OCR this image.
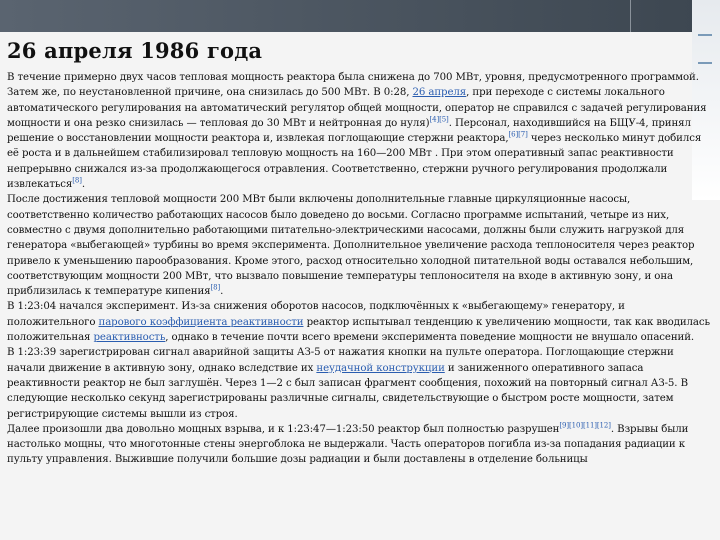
26 апреля 1986 года

В течение примерно двух часов тепловая мощность реактора была снижена до 700 МВт, уровня, предусмотренного программой. Затем же, по неустановленной причине, она снизилась до 500 МВт. В 0:28, 26 апреля, при переходе с системы локального автоматического регулирования на автоматический регулятор общей мощности, оператор не справился с задачей регулирования мощности и она резко снизилась — тепловая до 30 МВт и нейтронная до нуля)[4][5]. Персонал, находившийся на БЩУ-4, принял решение о восстановлении мощности реактора и, извлекая поглощающие стержни реактора,[6][7] через несколько минут добился её роста и в дальнейшем стабилизировал тепловую мощность на 160—200 МВт . При этом оперативный запас реактивности непрерывно снижался из-за продолжающегося отравления. Соответственно, стержни ручного регулирования продолжали извлекаться[8].

После достижения тепловой мощности 200 МВт были включены дополнительные главные циркуляционные насосы, соответственно количество работающих насосов было доведено до восьми. Согласно программе испытаний, четыре из них, совместно с двумя дополнительно работающими питательно-электрическими насосами, должны были служить нагрузкой для генератора «выбегающей» турбины во время эксперимента. Дополнительное увеличение расхода теплоносителя через реактор привело к уменьшению парообразования. Кроме этого, расход относительно холодной питательной воды оставался небольшим, соответствующим мощности 200 МВт, что вызвало повышение температуры теплоносителя на входе в активную зону, и она приблизилась к температуре кипения[8].

В 1:23:04 начался эксперимент. Из-за снижения оборотов насосов, подключённых к «выбегающему» генератору, и положительного парового коэффициента реактивности реактор испытывал тенденцию к увеличению мощности, так как вводилась положительная реактивность, однако в течение почти всего времени эксперимента поведение мощности не внушало опасений.

В 1:23:39 зарегистрирован сигнал аварийной защиты АЗ-5 от нажатия кнопки на пульте оператора. Поглощающие стержни начали движение в активную зону, однако вследствие их неудачной конструкции и заниженного оперативного запаса реактивности реактор не был заглушён. Через 1—2 с был записан фрагмент сообщения, похожий на повторный сигнал АЗ-5. В следующие несколько секунд зарегистрированы различные сигналы, свидетельствующие о быстром росте мощности, затем регистрирующие системы вышли из строя.

Далее произошли два довольно мощных взрыва, и к 1:23:47—1:23:50 реактор был полностью разрушен[9][10][11][12]. Взрывы были настолько мощны, что многотонные стены энергоблока не выдержали. Часть операторов погибла из-за попадания радиации к пульту управления. Выжившие получили большие дозы радиации и были доставлены в отделение больницы
